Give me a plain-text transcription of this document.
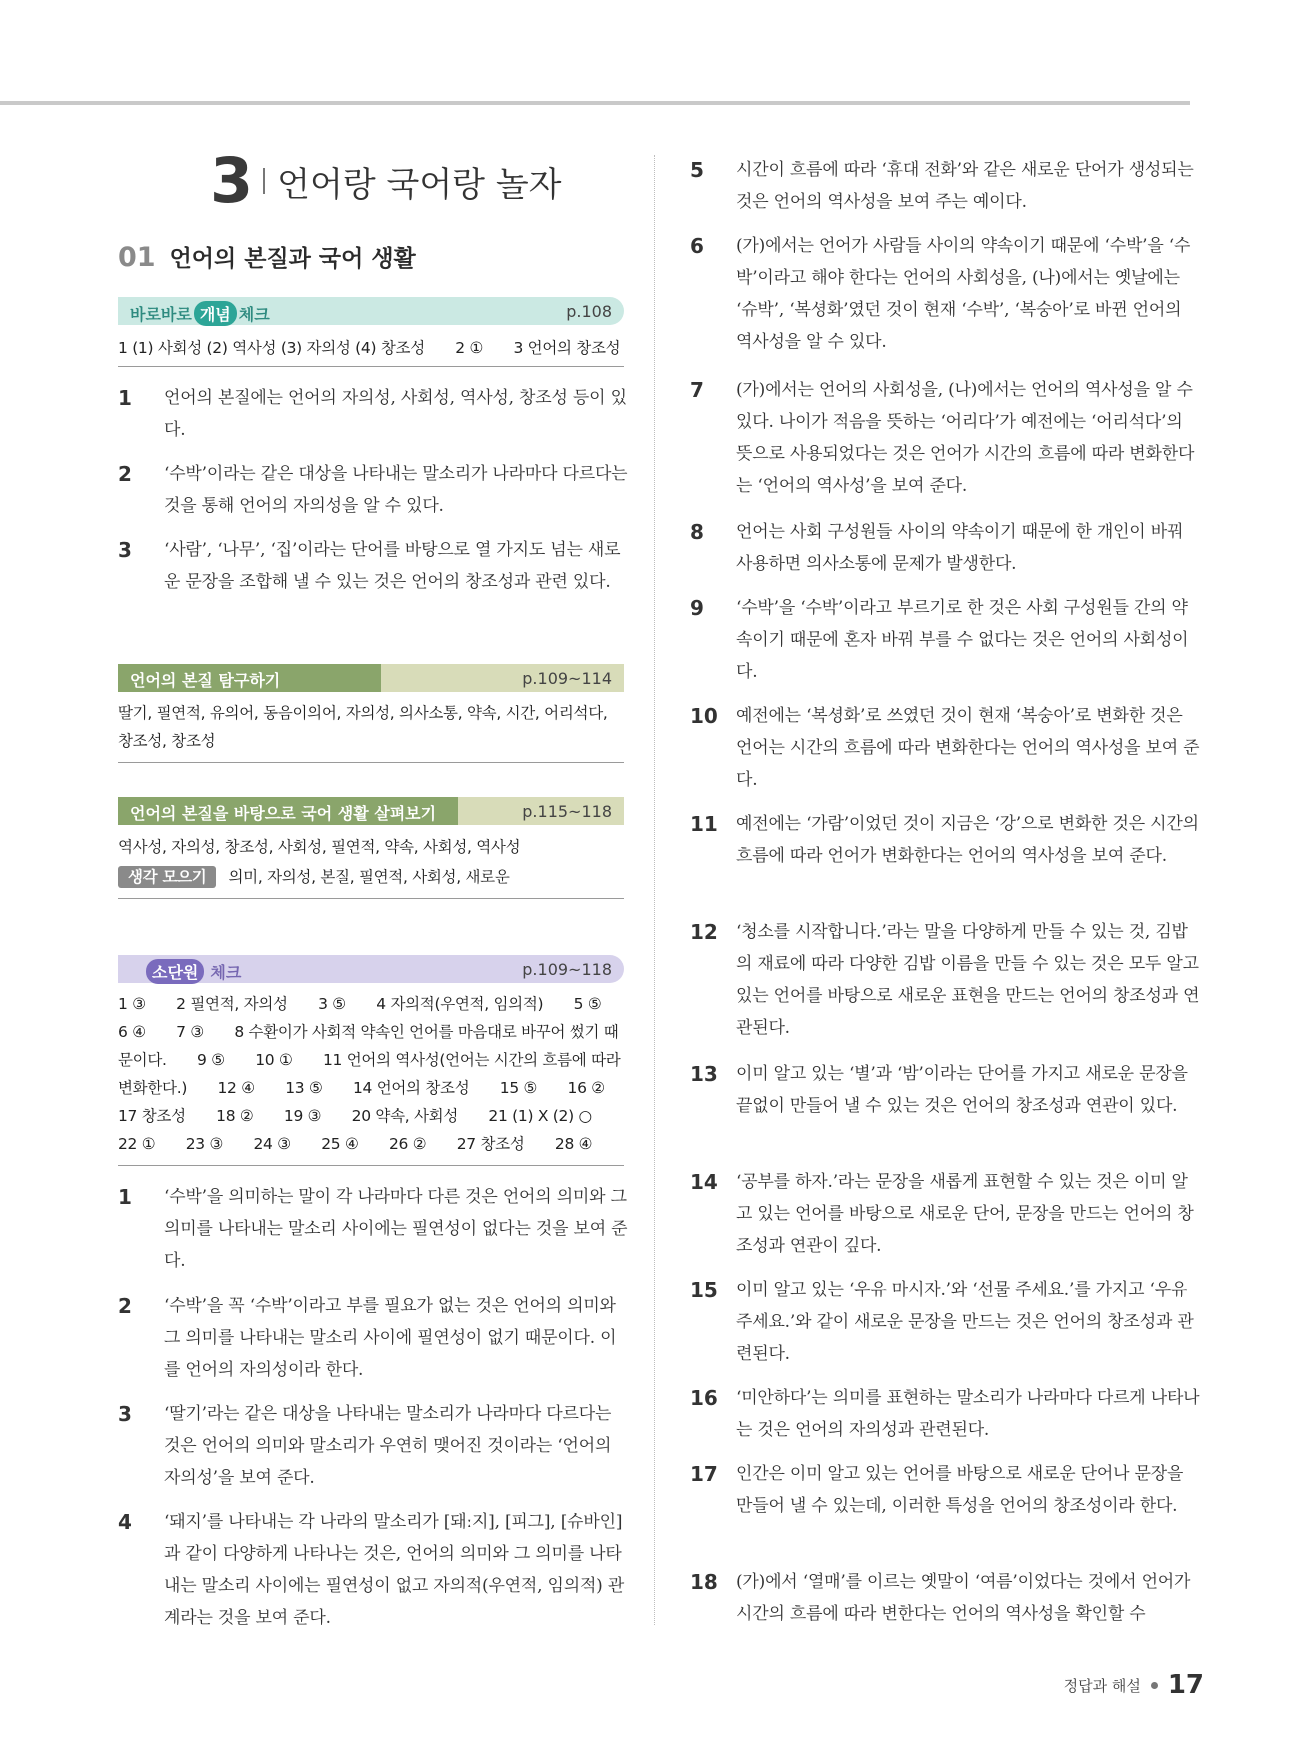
3 언어랑 국어랑 놀자
01 언어의 본질과 국어 생활
바로바로 개념 체크	p.108
1 (1) 사회성 (2) 역사성 (3) 자의성 (4) 창조성　　2 ①　　3 언어의 창조성
1	언어의 본질에는 언어의 자의성, 사회성, 역사성, 창조성 등이 있다.
2	‘수박’이라는 같은 대상을 나타내는 말소리가 나라마다 다르다는 것을 통해 언어의 자의성을 알 수 있다.
3	‘사람’, ‘나무’, ‘집’이라는 단어를 바탕으로 열 가지도 넘는 새로운 문장을 조합해 낼 수 있는 것은 언어의 창조성과 관련 있다.
언어의 본질 탐구하기	p.109~114
딸기, 필연적, 유의어, 동음이의어, 자의성, 의사소통, 약속, 시간, 어리석다, 창조성, 창조성
언어의 본질을 바탕으로 국어 생활 살펴보기	p.115~118
역사성, 자의성, 창조성, 사회성, 필연적, 약속, 사회성, 역사성
생각 모으기 의미, 자의성, 본질, 필연적, 사회성, 새로운
소단원 체크	p.109~118
1 ③　　2 필연적, 자의성　　3 ⑤　　4 자의적(우연적, 임의적)　　5 ⑤　　6 ④　　7 ③　　8 수환이가 사회적 약속인 언어를 마음대로 바꾸어 썼기 때문이다.　　9 ⑤　　10 ①　　11 언어의 역사성(언어는 시간의 흐름에 따라 변화한다.)　　12 ④　　13 ⑤　　14 언어의 창조성　　15 ⑤　　16 ②　　17 창조성　　18 ②　　19 ③　　20 약속, 사회성　　21 (1) X (2) ○　　22 ①　　23 ③　　24 ③　　25 ④　　26 ②　　27 창조성　　28 ④
1	‘수박’을 의미하는 말이 각 나라마다 다른 것은 언어의 의미와 그 의미를 나타내는 말소리 사이에는 필연성이 없다는 것을 보여 준다.
2	‘수박’을 꼭 ‘수박’이라고 부를 필요가 없는 것은 언어의 의미와 그 의미를 나타내는 말소리 사이에 필연성이 없기 때문이다. 이를 언어의 자의성이라 한다.
3	‘딸기’라는 같은 대상을 나타내는 말소리가 나라마다 다르다는 것은 언어의 의미와 말소리가 우연히 맺어진 것이라는 ‘언어의 자의성’을 보여 준다.
4	‘돼지’를 나타내는 각 나라의 말소리가 [돼ː지], [피그], [슈바인]과 같이 다양하게 나타나는 것은, 언어의 의미와 그 의미를 나타내는 말소리 사이에는 필연성이 없고 자의적(우연적, 임의적) 관계라는 것을 보여 준다.
5	시간이 흐름에 따라 ‘휴대 전화’와 같은 새로운 단어가 생성되는 것은 언어의 역사성을 보여 주는 예이다.
6	(가)에서는 언어가 사람들 사이의 약속이기 때문에 ‘수박’을 ‘수박’이라고 해야 한다는 언어의 사회성을, (나)에서는 옛날에는 ‘슈박’, ‘복셩화’였던 것이 현재 ‘수박’, ‘복숭아’로 바뀐 언어의 역사성을 알 수 있다.
7	(가)에서는 언어의 사회성을, (나)에서는 언어의 역사성을 알 수 있다. 나이가 적음을 뜻하는 ‘어리다’가 예전에는 ‘어리석다’의 뜻으로 사용되었다는 것은 언어가 시간의 흐름에 따라 변화한다는 ‘언어의 역사성’을 보여 준다.
8	언어는 사회 구성원들 사이의 약속이기 때문에 한 개인이 바꿔 사용하면 의사소통에 문제가 발생한다.
9	‘수박’을 ‘수박’이라고 부르기로 한 것은 사회 구성원들 간의 약속이기 때문에 혼자 바꿔 부를 수 없다는 것은 언어의 사회성이다.
10	예전에는 ‘복셩화’로 쓰였던 것이 현재 ‘복숭아’로 변화한 것은 언어는 시간의 흐름에 따라 변화한다는 언어의 역사성을 보여 준다.
11	예전에는 ‘가람’이었던 것이 지금은 ‘강’으로 변화한 것은 시간의 흐름에 따라 언어가 변화한다는 언어의 역사성을 보여 준다.
12	‘청소를 시작합니다.’라는 말을 다양하게 만들 수 있는 것, 김밥의 재료에 따라 다양한 김밥 이름을 만들 수 있는 것은 모두 알고 있는 언어를 바탕으로 새로운 표현을 만드는 언어의 창조성과 연관된다.
13	이미 알고 있는 ‘별’과 ‘밤’이라는 단어를 가지고 새로운 문장을 끝없이 만들어 낼 수 있는 것은 언어의 창조성과 연관이 있다.
14	‘공부를 하자.’라는 문장을 새롭게 표현할 수 있는 것은 이미 알고 있는 언어를 바탕으로 새로운 단어, 문장을 만드는 언어의 창조성과 연관이 깊다.
15	이미 알고 있는 ‘우유 마시자.’와 ‘선물 주세요.’를 가지고 ‘우유 주세요.’와 같이 새로운 문장을 만드는 것은 언어의 창조성과 관련된다.
16	‘미안하다’는 의미를 표현하는 말소리가 나라마다 다르게 나타나는 것은 언어의 자의성과 관련된다.
17	인간은 이미 알고 있는 언어를 바탕으로 새로운 단어나 문장을 만들어 낼 수 있는데, 이러한 특성을 언어의 창조성이라 한다.
18	(가)에서 ‘열매’를 이르는 옛말이 ‘여름’이었다는 것에서 언어가 시간의 흐름에 따라 변한다는 언어의 역사성을 확인할 수
정답과 해설 17
